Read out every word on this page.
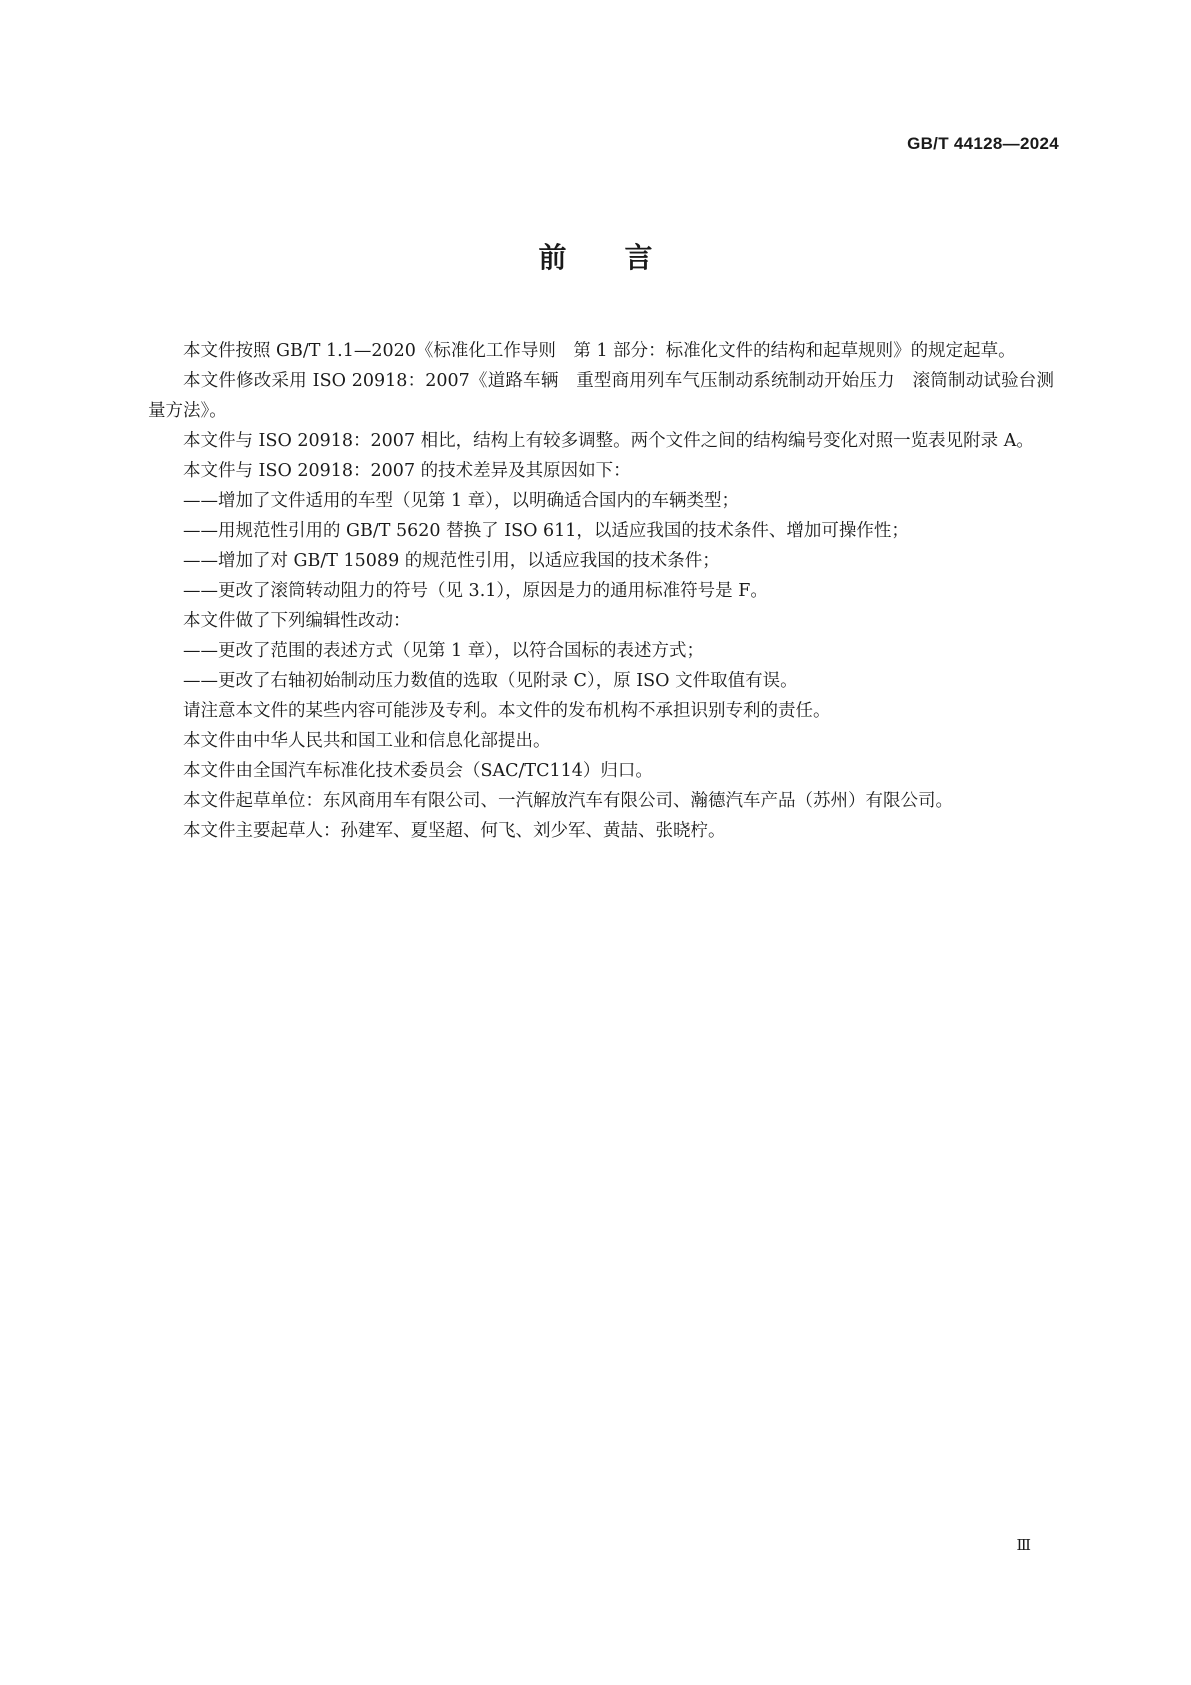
GB/T 44128—2024
前言

本文件按照 GB/T 1.1—2020《标准化工作导则　第 1 部分：标准化文件的结构和起草规则》的规定起草。

本文件修改采用 ISO 20918：2007《道路车辆　重型商用列车气压制动系统制动开始压力　滚筒制动试验台测量方法》。

本文件与 ISO 20918：2007 相比，结构上有较多调整。两个文件之间的结构编号变化对照一览表见附录 A。

本文件与 ISO 20918：2007 的技术差异及其原因如下：

——增加了文件适用的车型（见第 1 章），以明确适合国内的车辆类型；

——用规范性引用的 GB/T 5620 替换了 ISO 611，以适应我国的技术条件、增加可操作性；

——增加了对 GB/T 15089 的规范性引用，以适应我国的技术条件；

——更改了滚筒转动阻力的符号（见 3.1），原因是力的通用标准符号是 F。

本文件做了下列编辑性改动：

——更改了范围的表述方式（见第 1 章），以符合国标的表述方式；

——更改了右轴初始制动压力数值的选取（见附录 C），原 ISO 文件取值有误。

请注意本文件的某些内容可能涉及专利。本文件的发布机构不承担识别专利的责任。

本文件由中华人民共和国工业和信息化部提出。

本文件由全国汽车标准化技术委员会（SAC/TC114）归口。

本文件起草单位：东风商用车有限公司、一汽解放汽车有限公司、瀚德汽车产品（苏州）有限公司。

本文件主要起草人：孙建军、夏坚超、何飞、刘少军、黄喆、张晓柠。

Ⅲ
